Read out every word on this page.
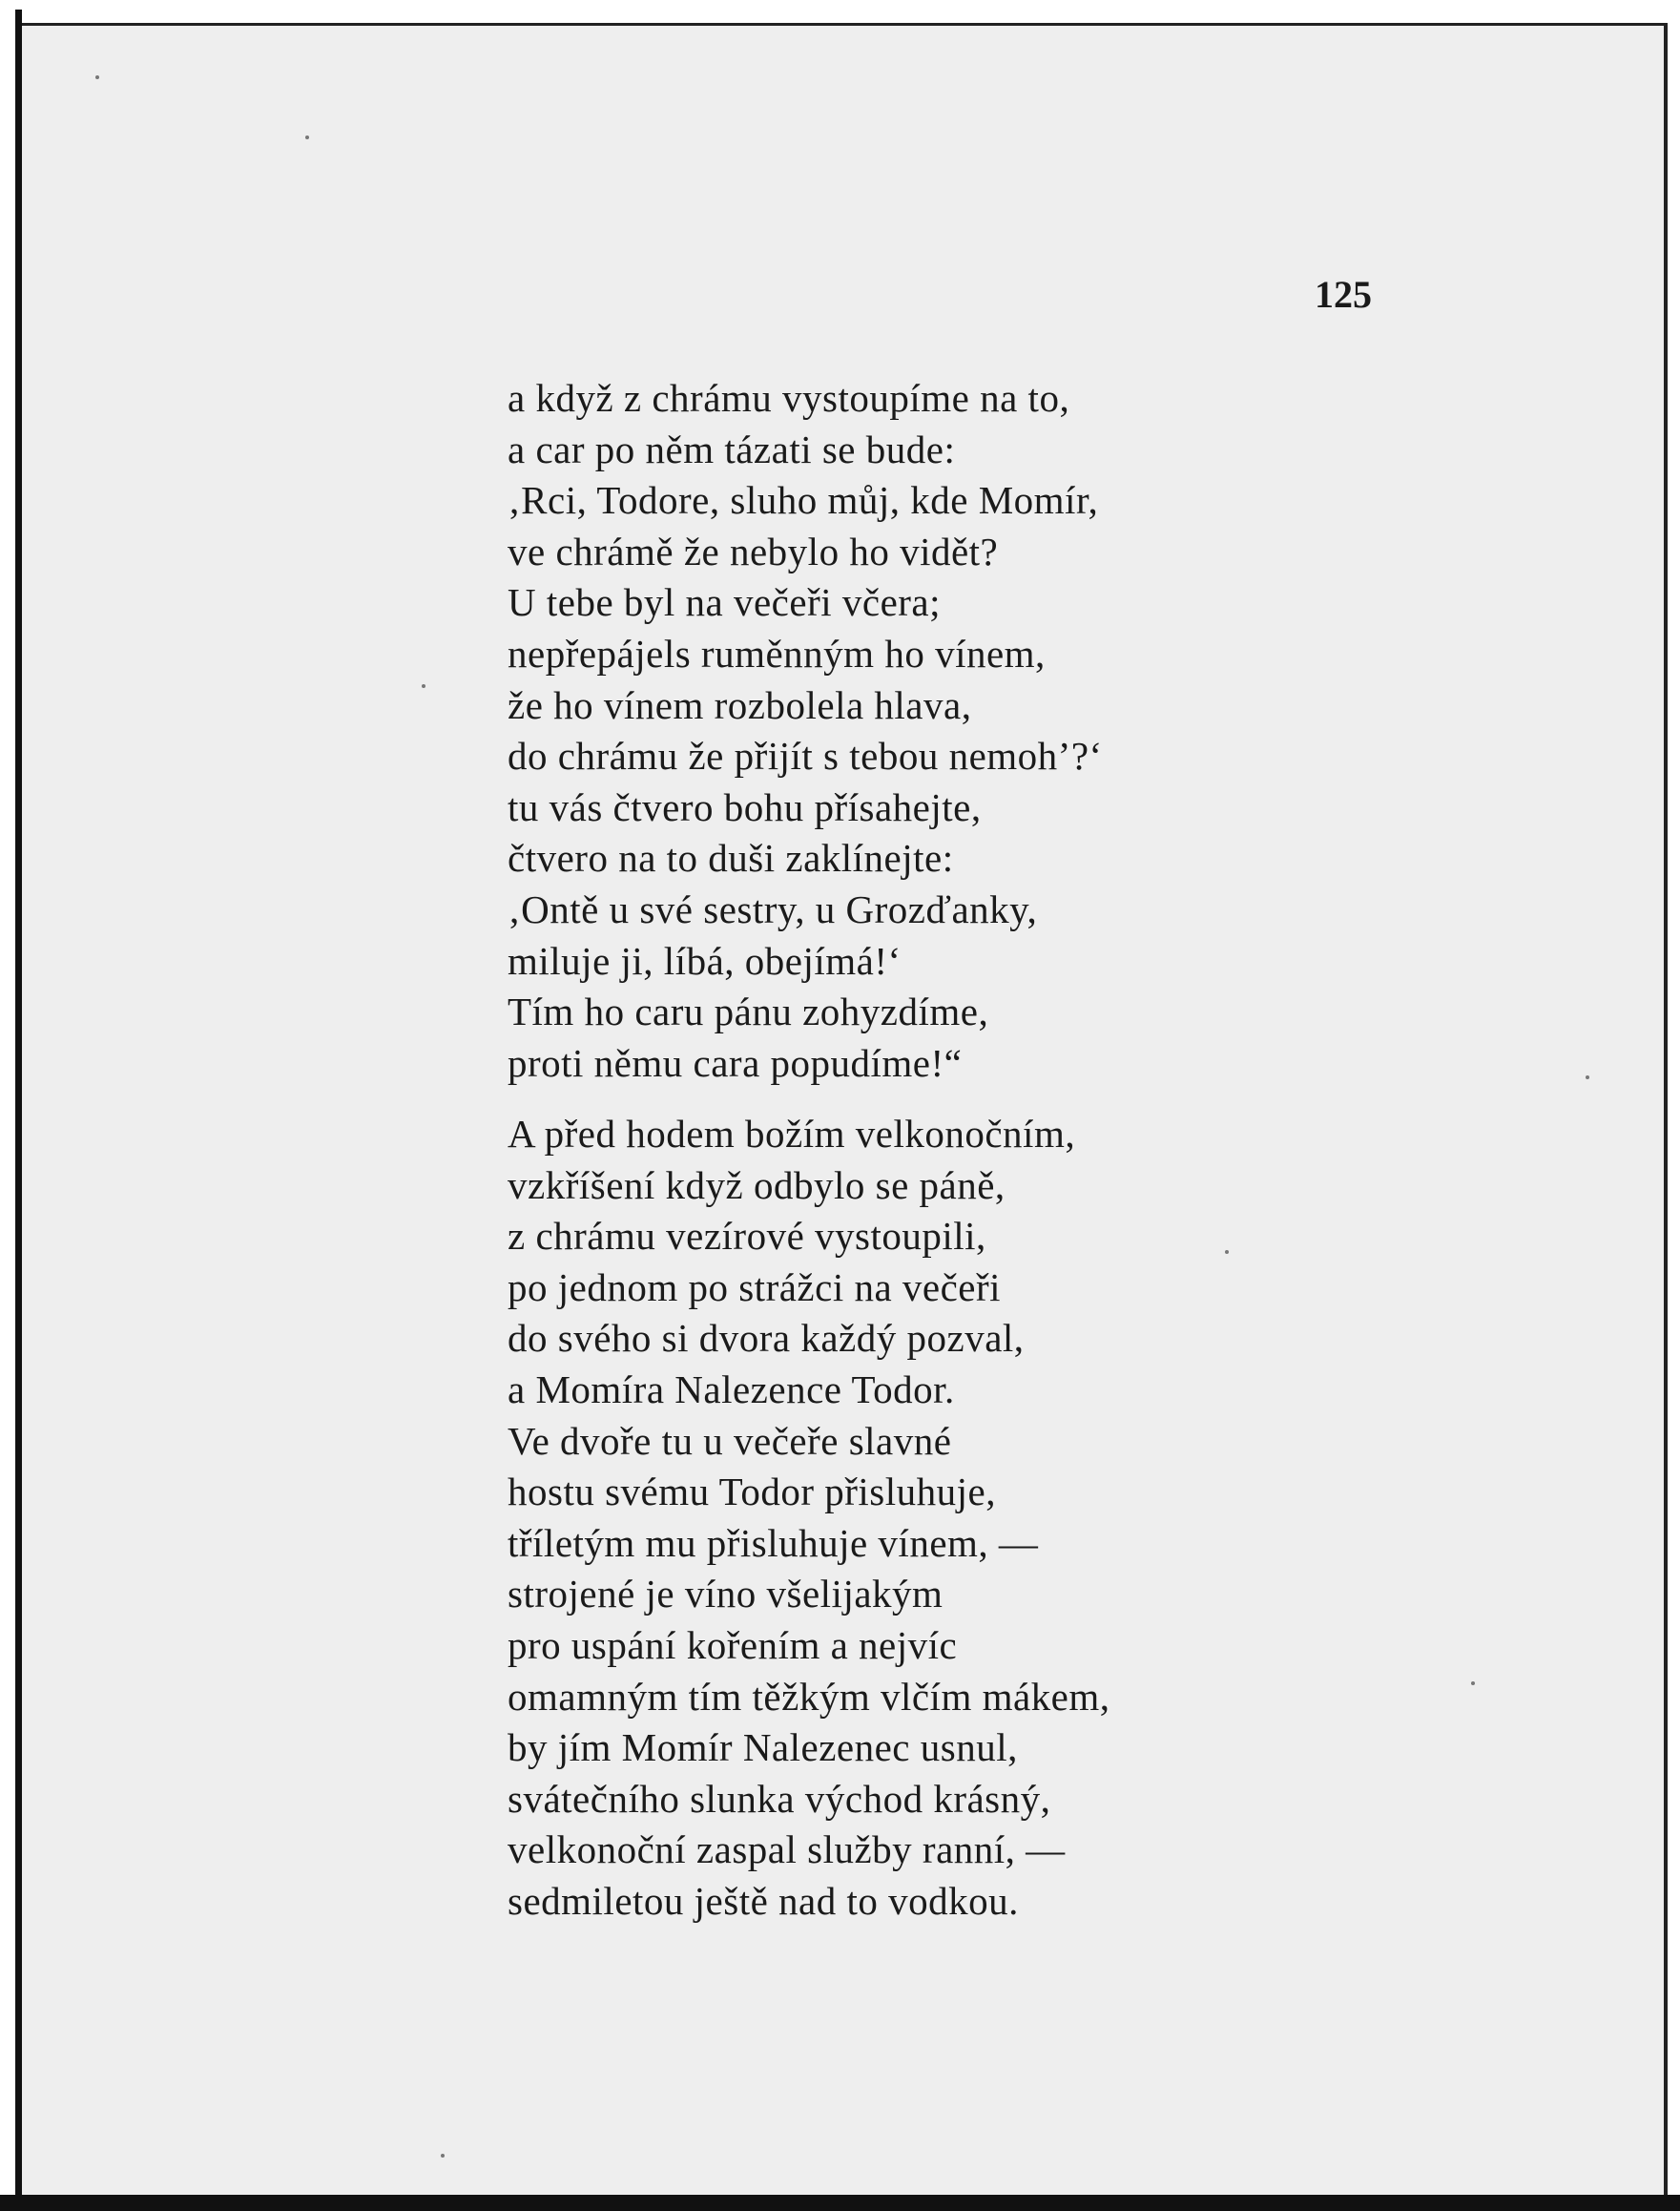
125
a když z chrámu vystoupíme na to,
a car po něm tázati se bude:
‚Rci, Todore, sluho můj, kde Momír,
ve chrámě že nebylo ho vidět?
U tebe byl na večeři včera;
nepřepájels ruměnným ho vínem,
že ho vínem rozbolela hlava,
do chrámu že přijít s tebou nemoh’?‘
tu vás čtvero bohu přísahejte,
čtvero na to duši zaklínejte:
‚Ontě u své sestry, u Grozďanky,
miluje ji, líbá, obejímá!‘
Tím ho caru pánu zohyzdíme,
proti němu cara popudíme!“
A před hodem božím velkonočním,
vzkříšení když odbylo se páně,
z chrámu vezírové vystoupili,
po jednom po strážci na večeři
do svého si dvora každý pozval,
a Momíra Nalezence Todor.
Ve dvoře tu u večeře slavné
hostu svému Todor přisluhuje,
tříletým mu přisluhuje vínem, —
strojené je víno všelijakým
pro uspání kořením a nejvíc
omamným tím těžkým vlčím mákem,
by jím Momír Nalezenec usnul,
svátečního slunka východ krásný,
velkonoční zaspal služby ranní, —
sedmiletou ještě nad to vodkou.
